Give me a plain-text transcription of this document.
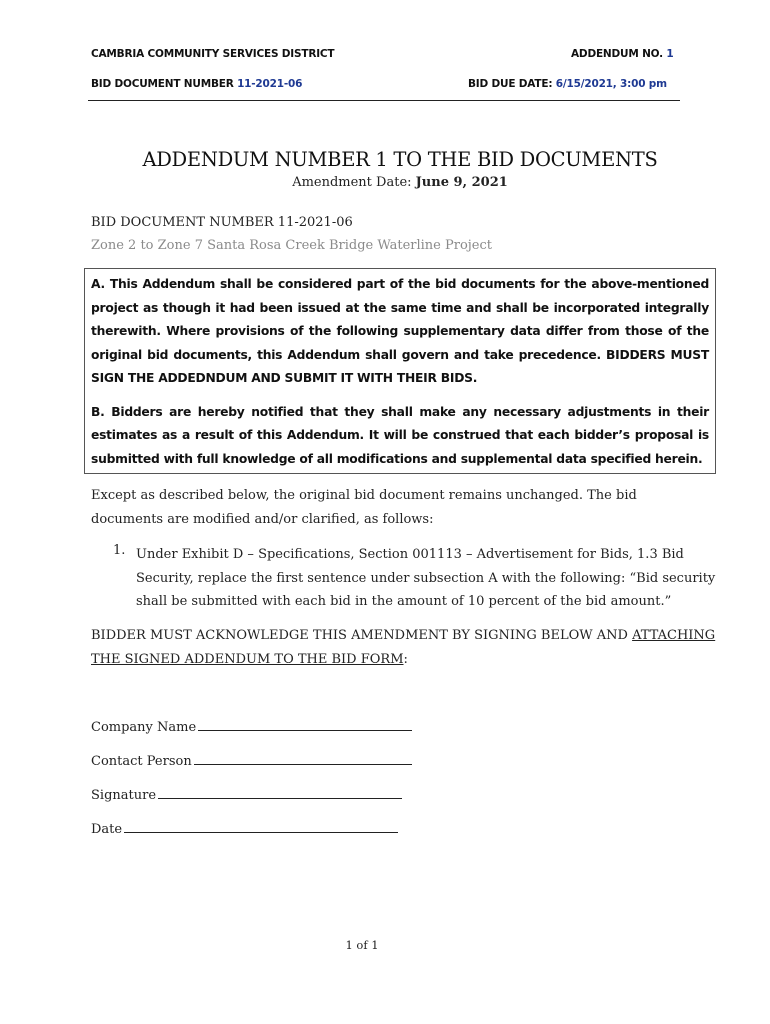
CAMBRIA COMMUNITY SERVICES DISTRICT	ADDENDUM NO. 1
BID DOCUMENT NUMBER 11-2021-06	BID DUE DATE: 6/15/2021, 3:00 pm
ADDENDUM NUMBER 1 TO THE BID DOCUMENTS
Amendment Date: June 9, 2021
BID DOCUMENT NUMBER 11-2021-06
Zone 2 to Zone 7 Santa Rosa Creek Bridge Waterline Project

A. This Addendum shall be considered part of the bid documents for the above-mentioned project as though it had been issued at the same time and shall be incorporated integrally therewith. Where provisions of the following supplementary data differ from those of the original bid documents, this Addendum shall govern and take precedence. BIDDERS MUST SIGN THE ADDEDNDUM AND SUBMIT IT WITH THEIR BIDS.

B. Bidders are hereby notified that they shall make any necessary adjustments in their estimates as a result of this Addendum. It will be construed that each bidder’s proposal is submitted with full knowledge of all modifications and supplemental data specified herein.

Except as described below, the original bid document remains unchanged. The bid documents are modified and/or clarified, as follows:
1. Under Exhibit D – Specifications, Section 001113 – Advertisement for Bids, 1.3 Bid Security, replace the first sentence under subsection A with the following: “Bid security shall be submitted with each bid in the amount of 10 percent of the bid amount.”
BIDDER MUST ACKNOWLEDGE THIS AMENDMENT BY SIGNING BELOW AND ATTACHING THE SIGNED ADDENDUM TO THE BID FORM:
Company Name
Contact Person
Signature
Date
1 of 1
